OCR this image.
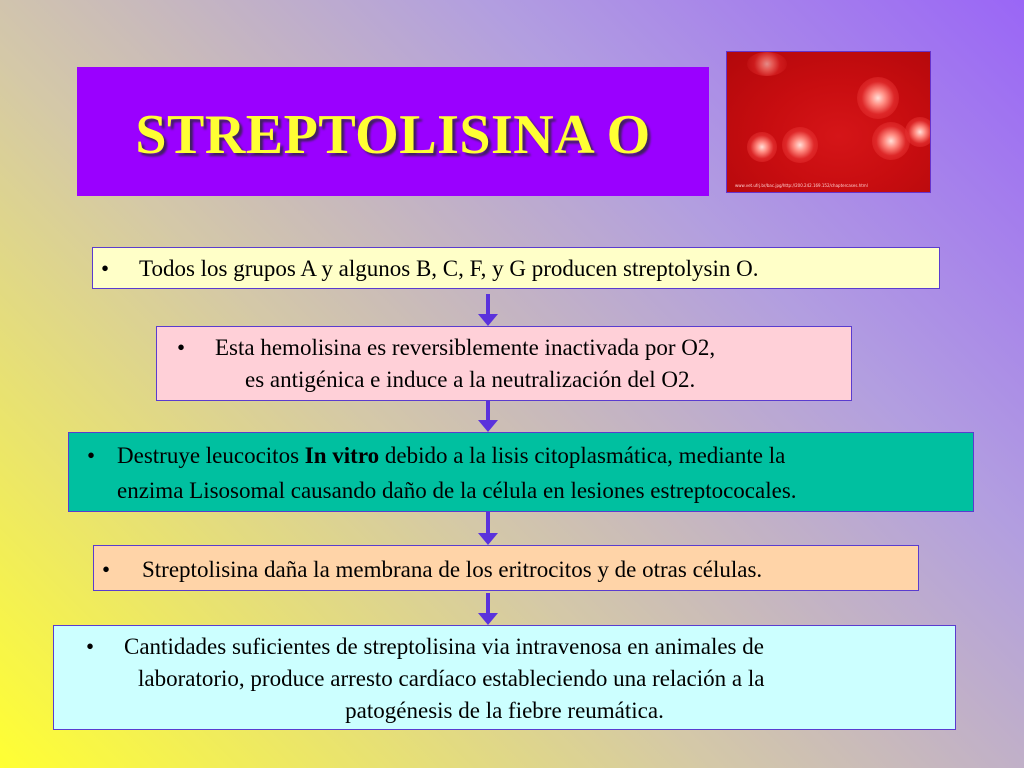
STREPTOLISINA O
www.vet.ufrj.br/bac.jpg/http://200.242.169.152/chaptercases.html
•	Todos los grupos A y algunos B, C, F, y G producen streptolysin O.
•	Esta hemolisina es reversiblemente inactivada por O2,
es antigénica e induce a la neutralización del O2.
• Destruye leucocitos In vitro debido a la lisis citoplasmática, mediante la
enzima Lisosomal causando daño de la célula en lesiones estreptococales.
•	Streptolisina daña la membrana de los eritrocitos y de otras células.
•	Cantidades suficientes de streptolisina via intravenosa en animales de
laboratorio, produce arresto cardíaco estableciendo una relación a la
patogénesis de la fiebre reumática.
